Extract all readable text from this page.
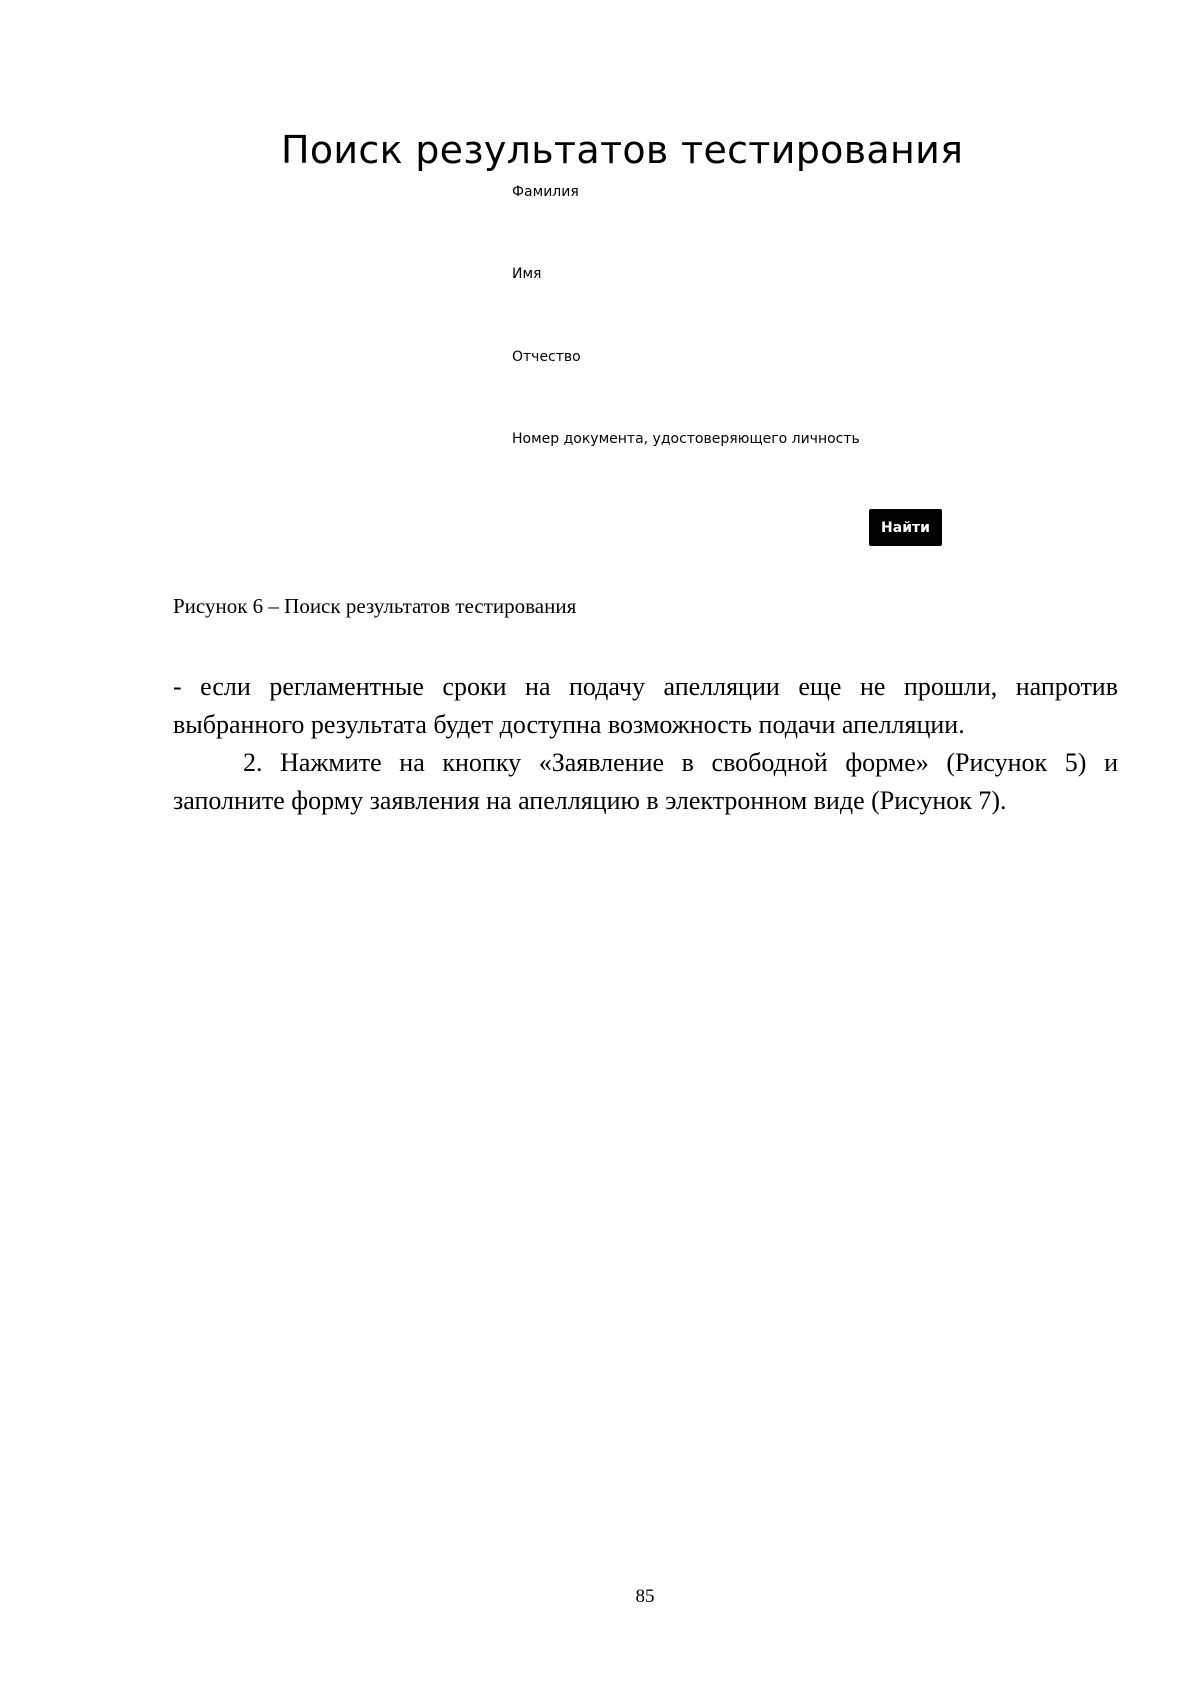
Поиск результатов тестирования
Фамилия
Имя
Отчество
Номер документа, удостоверяющего личность
Найти

Рисунок 6 – Поиск результатов тестирования

- если регламентные сроки на подачу апелляции еще не прошли, напротив выбранного результата будет доступна возможность подачи апелляции.

2. Нажмите на кнопку «Заявление в свободной форме» (Рисунок 5) и заполните форму заявления на апелляцию в электронном виде (Рисунок 7).

85
